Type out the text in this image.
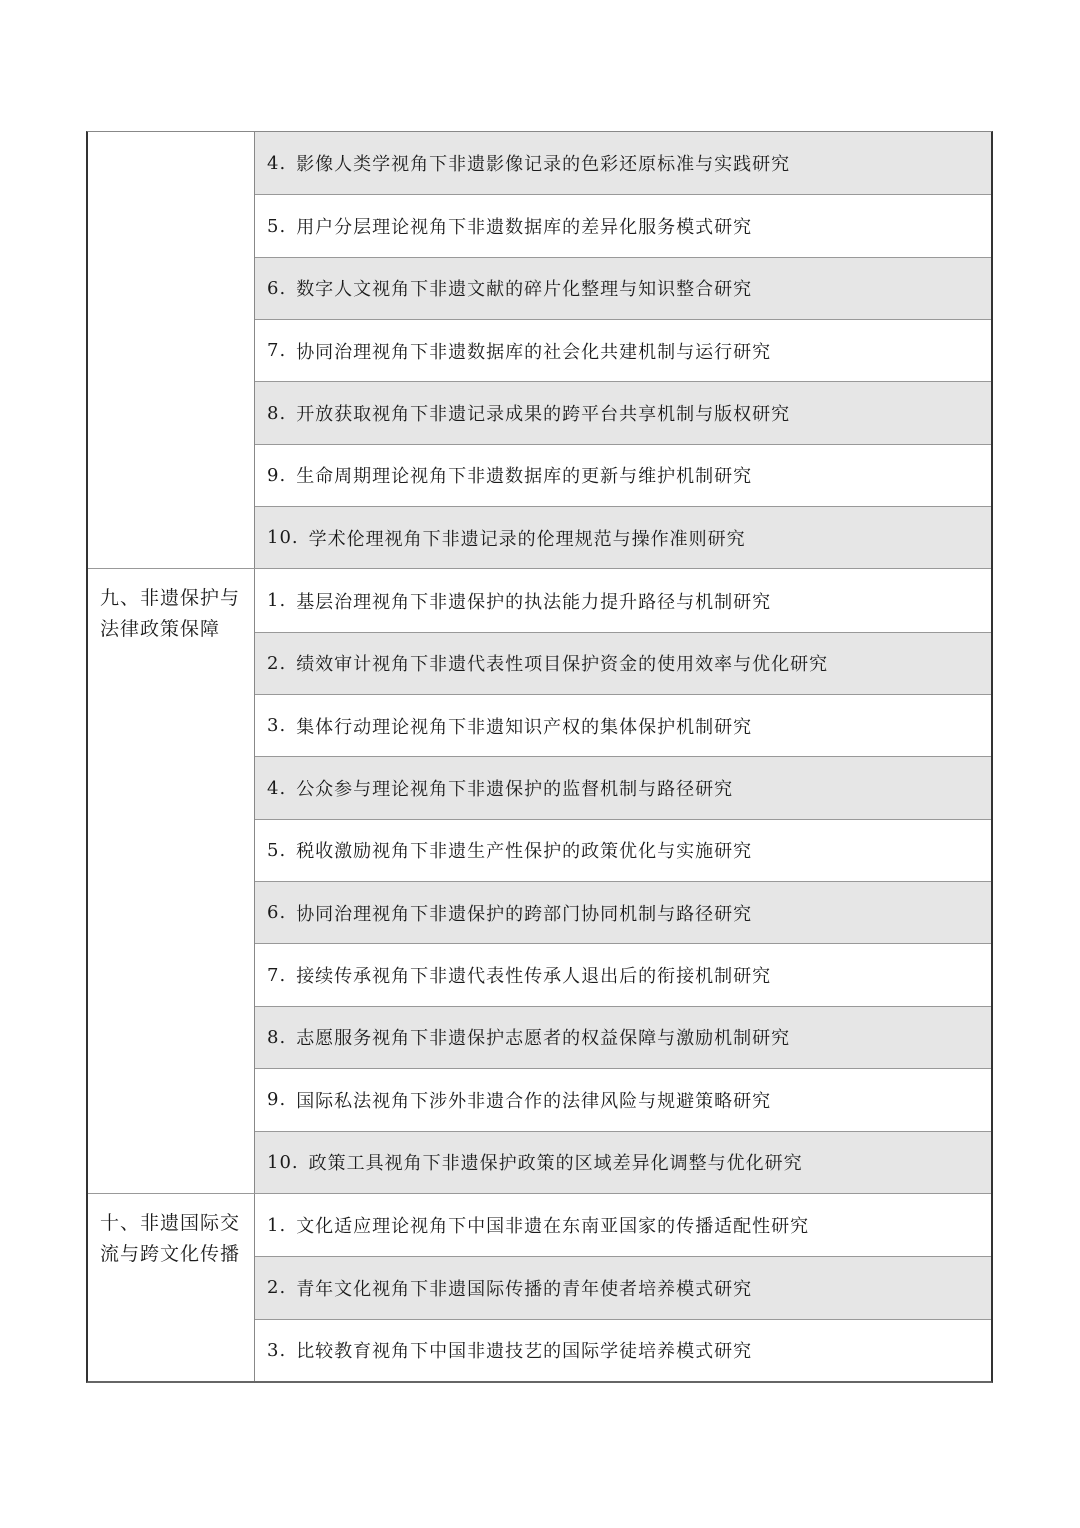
4. 影像人类学视角下非遗影像记录的色彩还原标准与实践研究
5. 用户分层理论视角下非遗数据库的差异化服务模式研究
6. 数字人文视角下非遗文献的碎片化整理与知识整合研究
7. 协同治理视角下非遗数据库的社会化共建机制与运行研究
8. 开放获取视角下非遗记录成果的跨平台共享机制与版权研究
9. 生命周期理论视角下非遗数据库的更新与维护机制研究
10. 学术伦理视角下非遗记录的伦理规范与操作准则研究
九、非遗保护与法律政策保障
1. 基层治理视角下非遗保护的执法能力提升路径与机制研究
2. 绩效审计视角下非遗代表性项目保护资金的使用效率与优化研究
3. 集体行动理论视角下非遗知识产权的集体保护机制研究
4. 公众参与理论视角下非遗保护的监督机制与路径研究
5. 税收激励视角下非遗生产性保护的政策优化与实施研究
6. 协同治理视角下非遗保护的跨部门协同机制与路径研究
7. 接续传承视角下非遗代表性传承人退出后的衔接机制研究
8. 志愿服务视角下非遗保护志愿者的权益保障与激励机制研究
9. 国际私法视角下涉外非遗合作的法律风险与规避策略研究
10. 政策工具视角下非遗保护政策的区域差异化调整与优化研究
十、非遗国际交流与跨文化传播
1. 文化适应理论视角下中国非遗在东南亚国家的传播适配性研究
2. 青年文化视角下非遗国际传播的青年使者培养模式研究
3. 比较教育视角下中国非遗技艺的国际学徒培养模式研究
